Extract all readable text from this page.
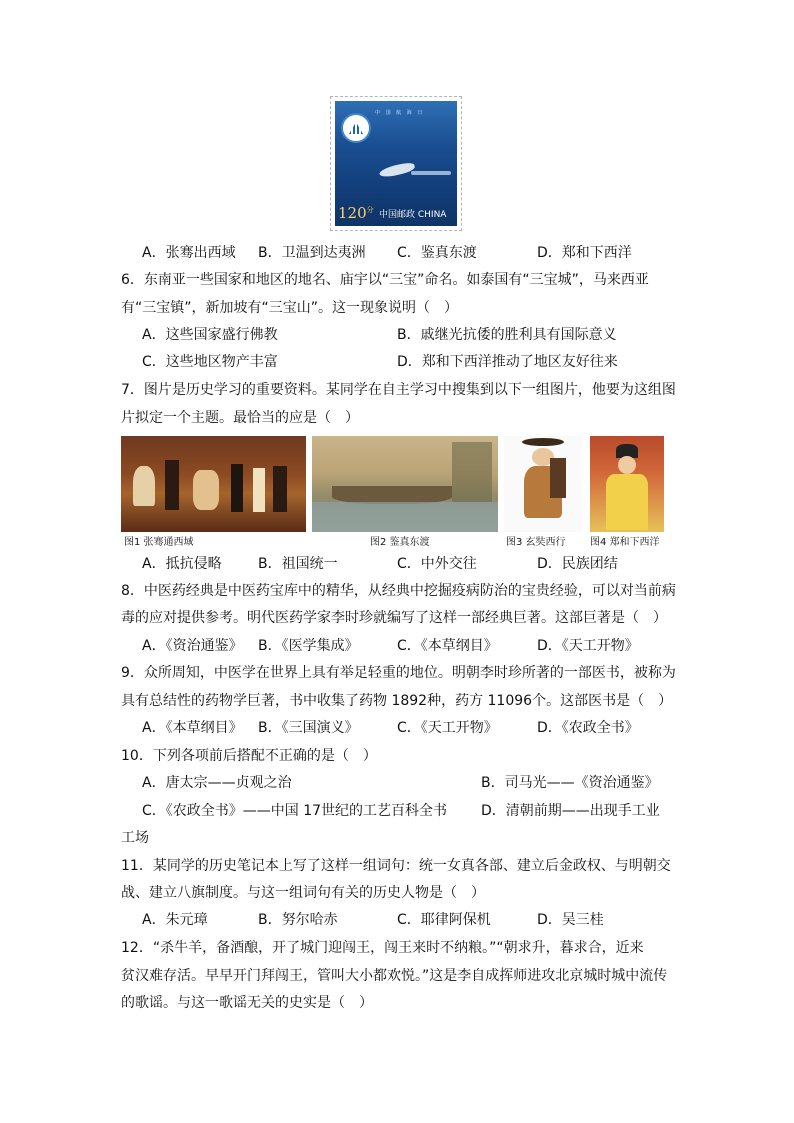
中 国 航 海 日
$120^分$ 中国邮政 CHINA
A．张骞出西域 B．卫温到达夷洲 C．鉴真东渡	D．郑和下西洋
6．东南亚一些国家和地区的地名、庙宇以“三宝”命名。如泰国有“三宝城”，马来西亚
有“三宝镇”，新加坡有“三宝山”。这一现象说明（　）
A．这些国家盛行佛教	B．戚继光抗倭的胜利具有国际意义
C．这些地区物产丰富	D．郑和下西洋推动了地区友好往来
7．图片是历史学习的重要资料。某同学在自主学习中搜集到以下一组图片，他要为这组图
片拟定一个主题。最恰当的应是（　）
图1 张骞通西域	图2 鉴真东渡	图3 玄奘西行 图4 郑和下西洋
A．抵抗侵略	B．祖国统一	C．中外交往	D．民族团结
8．中医药经典是中医药宝库中的精华，从经典中挖掘疫病防治的宝贵经验，可以对当前病
毒的应对提供参考。明代医药学家李时珍就编写了这样一部经典巨著。这部巨著是（　）
A．《资治通鉴》 B．《医学集成》	C．《本草纲目》	D．《天工开物》
9．众所周知，中医学在世界上具有举足轻重的地位。明朝李时珍所著的一部医书，被称为
具有总结性的药物学巨著，书中收集了药物 1892种，药方 11096个。这部医书是（　）
A．《本草纲目》 B．《三国演义》	C．《天工开物》	D．《农政全书》
10．下列各项前后搭配不正确的是（　）
A．唐太宗——贞观之治	B．司马光——《资治通鉴》
C．《农政全书》——中国 17世纪的工艺百科全书 D．清朝前期——出现手工业
工场
11．某同学的历史笔记本上写了这样一组词句：统一女真各部、建立后金政权、与明朝交
战、建立八旗制度。与这一组词句有关的历史人物是（　）
A．朱元璋	B．努尔哈赤	C．耶律阿保机	D．吴三桂
12．“杀牛羊，备酒酿，开了城门迎闯王，闯王来时不纳粮。”“朝求升，暮求合，近来
贫汉难存活。早早开门拜闯王，管叫大小都欢悦。”这是李自成挥师进攻北京城时城中流传
的歌谣。与这一歌谣无关的史实是（　）
